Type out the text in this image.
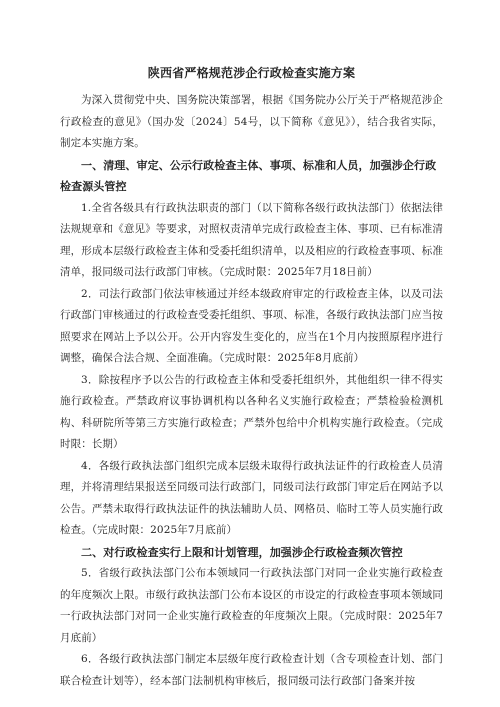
陕西省严格规范涉企行政检查实施方案

为深入贯彻党中央、国务院决策部署，根据《国务院办公厅关于严格规范涉企行政检查的意见》（国办发〔2024〕54号，以下简称《意见》），结合我省实际，制定本实施方案。

一、清理、审定、公示行政检查主体、事项、标准和人员，加强涉企行政检查源头管控

1.全省各级具有行政执法职责的部门（以下简称各级行政执法部门）依据法律法规规章和《意见》等要求，对照权责清单完成行政检查主体、事项、已有标准清理，形成本层级行政检查主体和受委托组织清单，以及相应的行政检查事项、标准清单，报同级司法行政部门审核。（完成时限：2025年7月18日前）

2．司法行政部门依法审核通过并经本级政府审定的行政检查主体，以及司法行政部门审核通过的行政检查受委托组织、事项、标准，各级行政执法部门应当按照要求在网站上予以公开。公开内容发生变化的，应当在1个月内按照原程序进行调整，确保合法合规、全面准确。（完成时限：2025年8月底前）

3．除按程序予以公告的行政检查主体和受委托组织外，其他组织一律不得实施行政检查。严禁政府议事协调机构以各种名义实施行政检查；严禁检验检测机构、科研院所等第三方实施行政检查；严禁外包给中介机构实施行政检查。（完成时限：长期）

4．各级行政执法部门组织完成本层级未取得行政执法证件的行政检查人员清理，并将清理结果报送至同级司法行政部门，同级司法行政部门审定后在网站予以公告。严禁未取得行政执法证件的执法辅助人员、网格员、临时工等人员实施行政检查。（完成时限：2025年7月底前）

二、对行政检查实行上限和计划管理，加强涉企行政检查频次管控

5．省级行政执法部门公布本领域同一行政执法部门对同一企业实施行政检查的年度频次上限。市级行政执法部门公布本设区的市设定的行政检查事项本领域同一行政执法部门对同一企业实施行政检查的年度频次上限。（完成时限：2025年7月底前）

6．各级行政执法部门制定本层级年度行政检查计划（含专项检查计划、部门联合检查计划等），经本部门法制机构审核后，报同级司法行政部门备案并按
